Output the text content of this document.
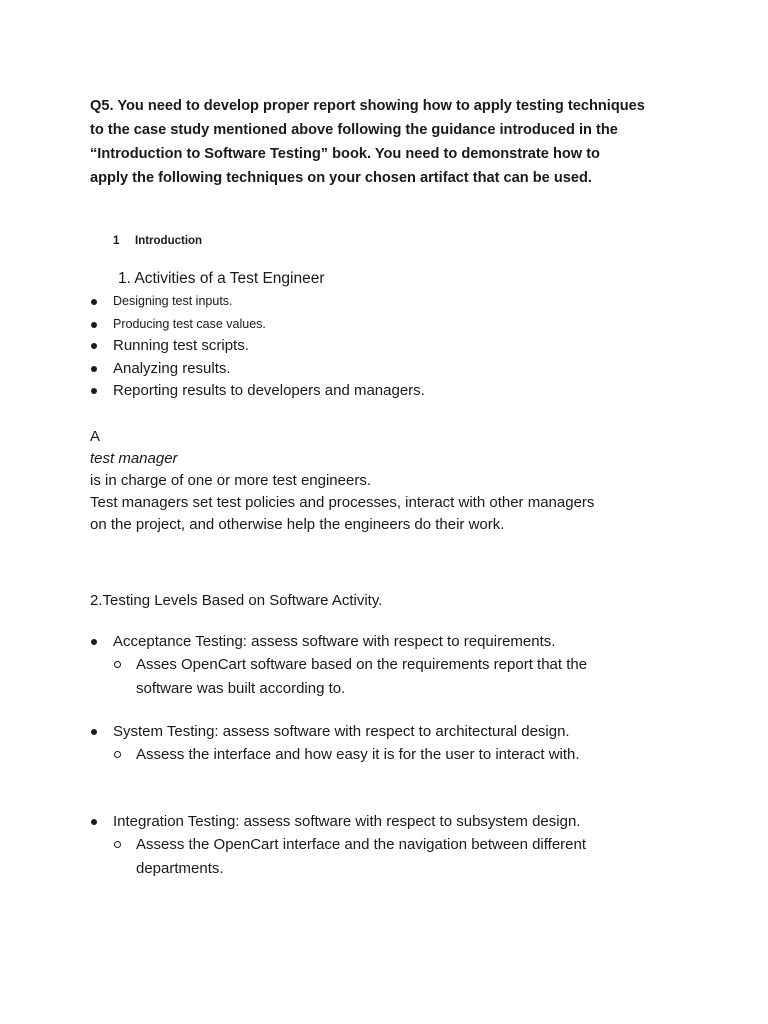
Q5. You need to develop proper report showing how to apply testing techniques
to the case study mentioned above following the guidance introduced in the
“Introduction to Software Testing” book. You need to demonstrate how to
apply the following techniques on your chosen artifact that can be used.

1 Introduction

1. Activities of a Test Engineer

Designing test inputs.
Producing test case values.
Running test scripts.
Analyzing results.
Reporting results to developers and managers.

A
test manager
is in charge of one or more test engineers.
Test managers set test policies and processes, interact with other managers
on the project, and otherwise help the engineers do their work.

2.Testing Levels Based on Software Activity.

Acceptance Testing: assess software with respect to requirements.

Asses OpenCart software based on the requirements report that the
software was built according to.

System Testing: assess software with respect to architectural design.

Assess the interface and how easy it is for the user to interact with.

Integration Testing: assess software with respect to subsystem design.

Assess the OpenCart interface and the navigation between different
departments.
